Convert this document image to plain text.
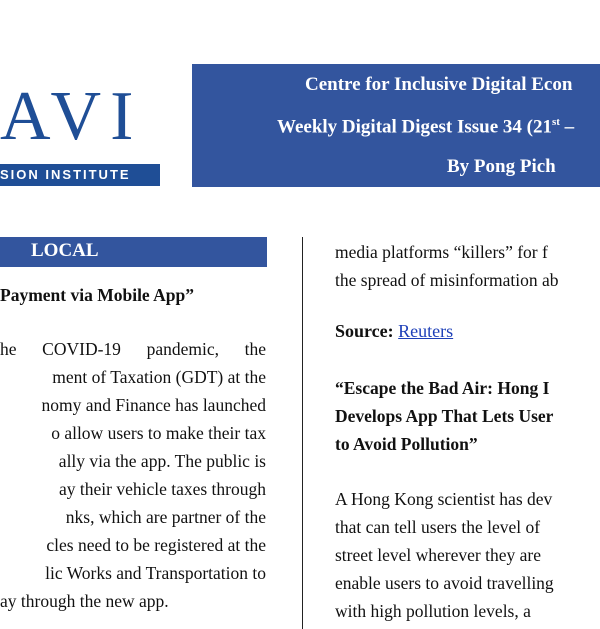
AVI
SION INSTITUTE
Centre for Inclusive Digital Econ
Weekly Digital Digest Issue 34 (21st –
By Pong Pich
LOCAL
Payment via Mobile App”
he COVID-19 pandemic, the
ment of Taxation (GDT) at the
nomy and Finance has launched
o allow users to make their tax
ally via the app. The public is
ay their vehicle taxes through
nks, which are partner of the
cles need to be registered at the
lic Works and Transportation to
ay through the new app.
media platforms “killers” for f
the spread of misinformation ab
Source: Reuters
“Escape the Bad Air: Hong I
Develops App That Lets User
to Avoid Pollution”
A Hong Kong scientist has dev
that can tell users the level of
street level wherever they are
enable users to avoid travelling
with high pollution levels, a
